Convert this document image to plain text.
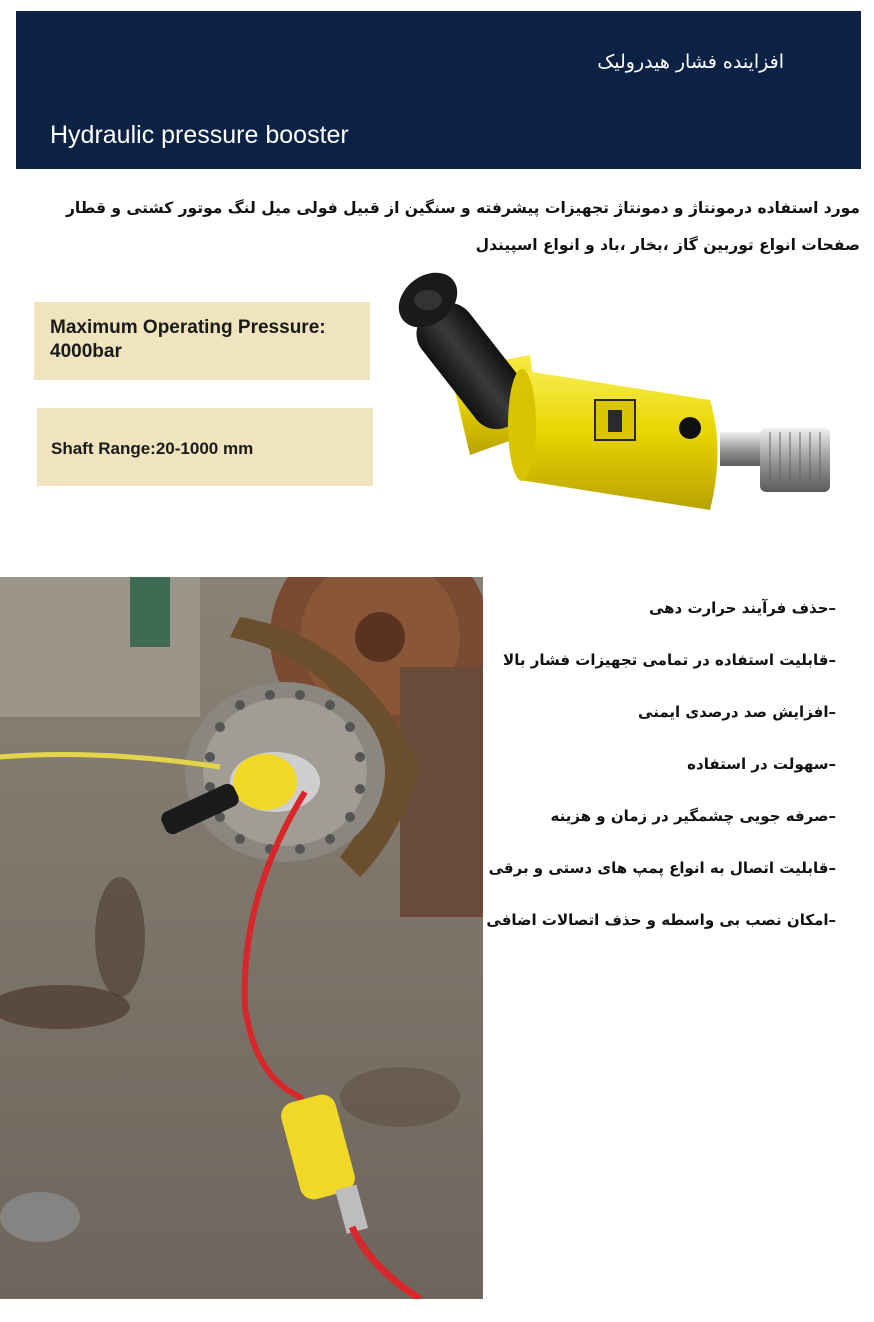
افزاینده فشار هیدرولیک
Hydraulic pressure booster
مورد استفاده درمونتاژ و دمونتاژ تجهیزات پیشرفته و سنگین از قبیل فولی میل لنگ موتور کشتی و قطار صفحات انواع توربین گاز ،بخار ،باد و انواع اسپیندل
Maximum Operating Pressure:
4000bar
Shaft Range:20-1000 mm
–حذف فرآیند حرارت دهی
–قابلیت استفاده در تمامی تجهیزات فشار بالا
–افزایش صد درصدی ایمنی
–سهولت در استفاده
–صرفه جویی چشمگیر در زمان و هزینه
–قابلیت اتصال به انواع پمپ های دستی و برقی
–امکان نصب بی واسطه و حذف اتصالات اضافی
